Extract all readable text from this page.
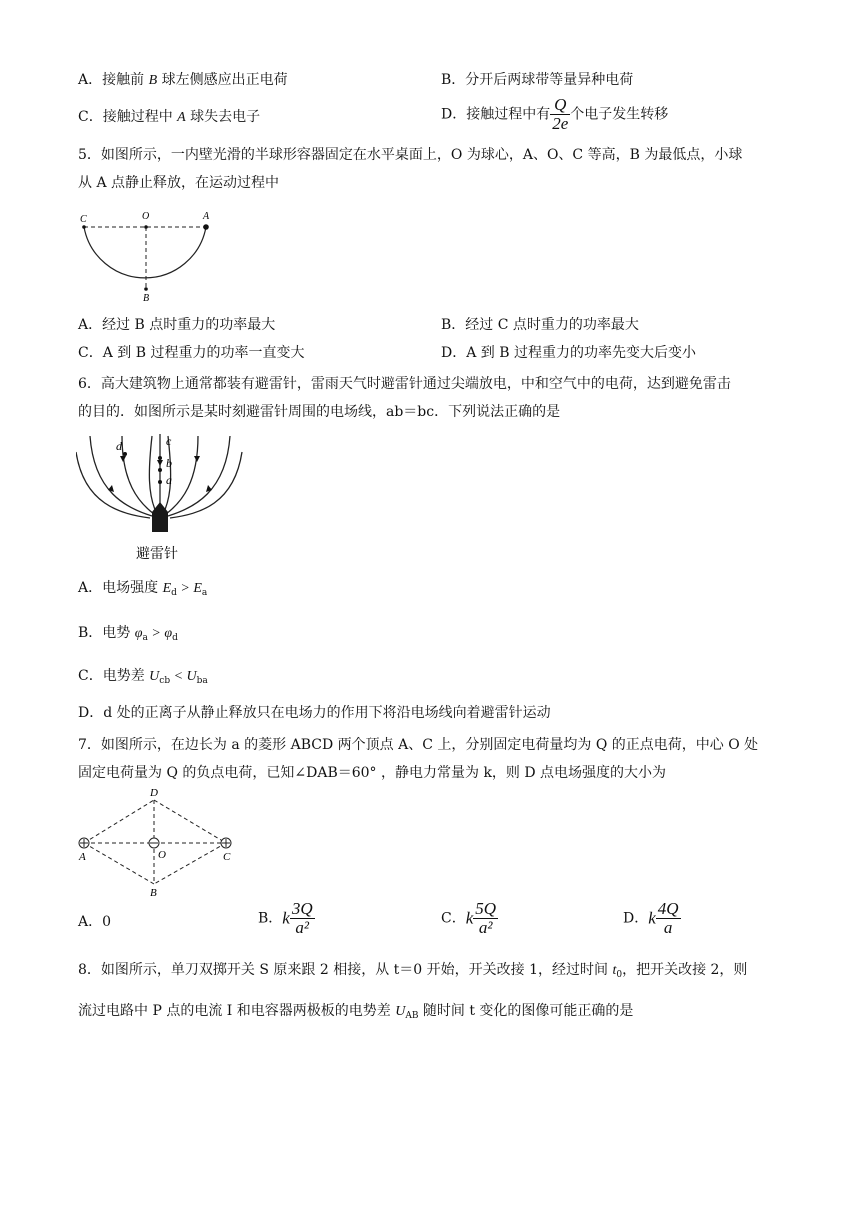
A．接触前 B 球左侧感应出正电荷	B．分开后两球带等量异种电荷
C．接触过程中 A 球失去电子	D．接触过程中有 $\frac{Q}{2e}$ 个电子发生转移
5．如图所示，一内壁光滑的半球形容器固定在水平桌面上，O 为球心，A、O、C 等高，B 为最低点，小球
从 A 点静止释放，在运动过程中
C	O	A
B
A．经过 B 点时重力的功率最大	B．经过 C 点时重力的功率最大
C．A 到 B 过程重力的功率一直变大	D．A 到 B 过程重力的功率先变大后变小
6．高大建筑物上通常都装有避雷针，雷雨天气时避雷针通过尖端放电，中和空气中的电荷，达到避免雷击
的目的．如图所示是某时刻避雷针周围的电场线，ab＝bc．下列说法正确的是
c
b
a
d
避雷针
A．电场强度 $E_d > E_a$
B．电势 $\varphi_a > \varphi_d$
C．电势差 $U_{cb} < U_{ba}$
D．d 处的正离子从静止释放只在电场力的作用下将沿电场线向着避雷针运动
7．如图所示，在边长为 a 的菱形 ABCD 两个顶点 A、C 上，分别固定电荷量均为 Q 的正点电荷，中心 O 处
固定电荷量为 Q 的负点电荷，已知∠DAB＝60° ，静电力常量为 k，则 D 点电场强度的大小为
D
A	O	C
B
A．0	B．k $\frac{3Q}{\text{a²}}$	C．k $\frac{5Q}{\text{a²}}$	D．k $\frac{4Q}{a}$
8．如图所示，单刀双掷开关 S 原来跟 2 相接，从 t＝0 开始，开关改接 1，经过时间 $t_0$，把开关改接 2，则
流过电路中 P 点的电流 I 和电容器两极板的电势差 $U_{AB}$ 随时间 t 变化的图像可能正确的是
